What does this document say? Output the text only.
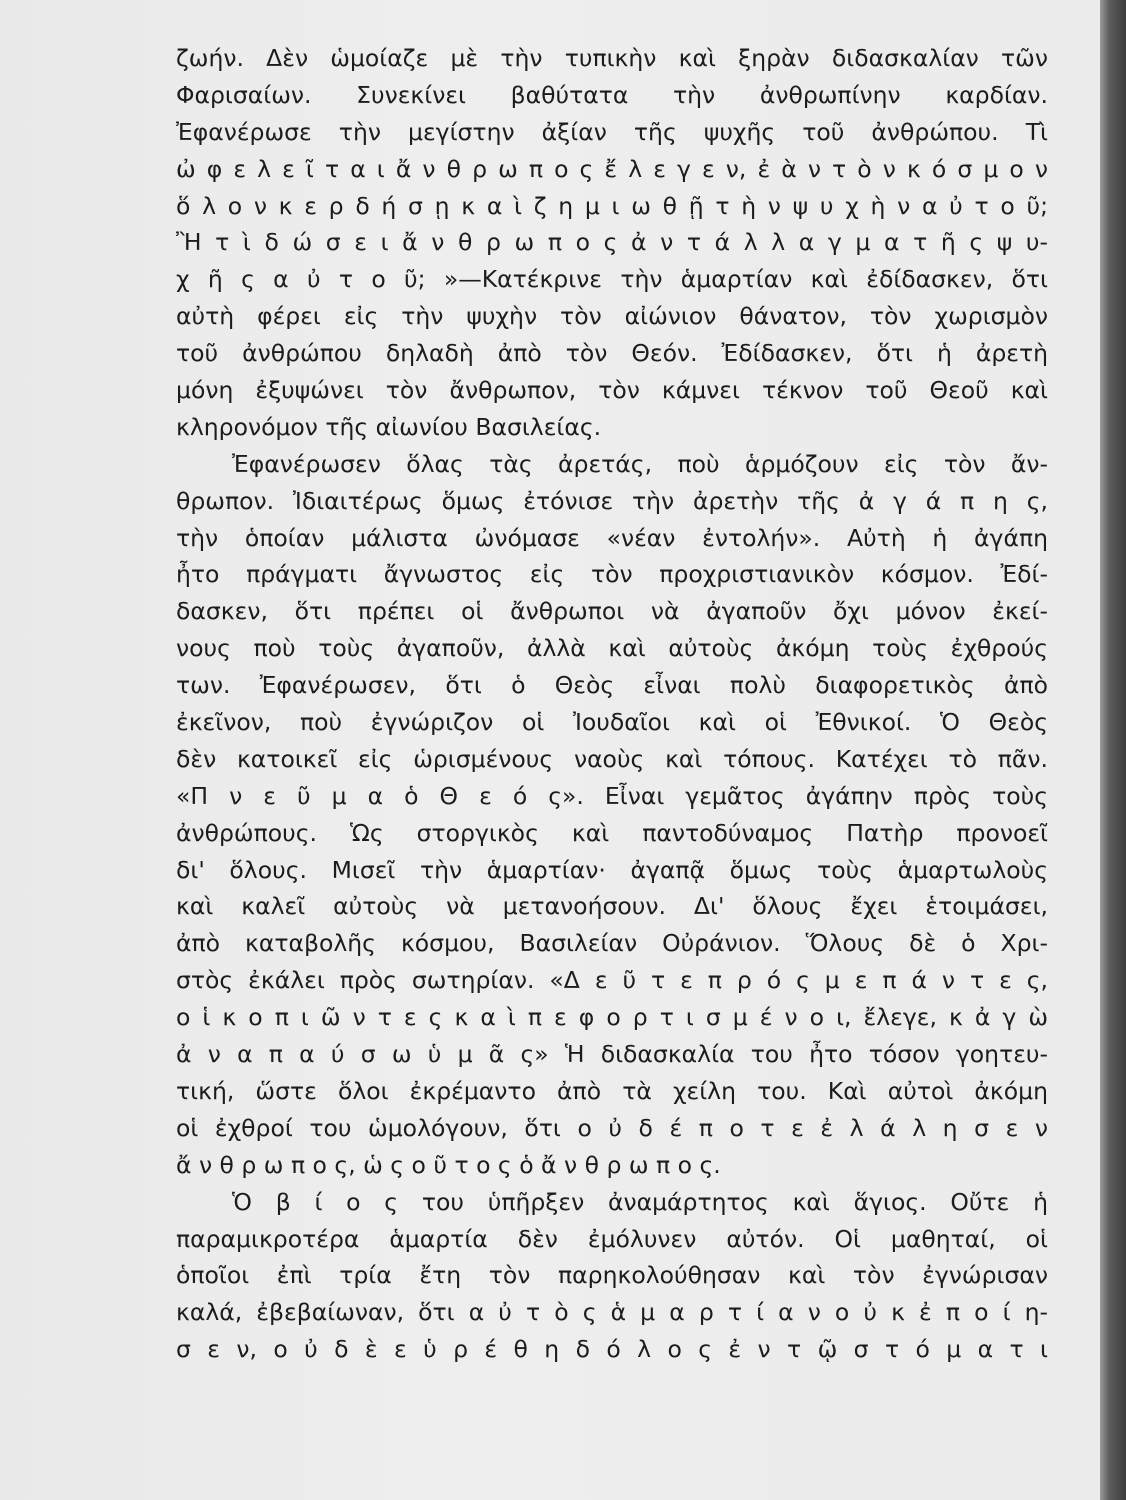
ζωήν. Δὲν ὡμοίαζε μὲ τὴν τυπικὴν καὶ ξηρὰν διδασκαλίαν τῶν
Φαρισαίων. Συνεκίνει βαθύτατα τὴν ἀνθρωπίνην καρδίαν.
Ἐφανέρωσε τὴν μεγίστην ἀξίαν τῆς ψυχῆς τοῦ ἀνθρώπου. Τὶ
ὠ φ ε λ ε ῖ τ α ι ἄ ν θ ρ ω π ο ς ἔ λ ε γ ε ν, ἐ ὰ ν τ ὸ ν κ ό σ μ ο ν
ὅ λ ο ν κ ε ρ δ ή σ ῃ κ α ὶ ζ η μ ι ω θ ῇ τ ὴ ν ψ υ χ ὴ ν α ὐ τ ο ῦ;
Ἢ τ ὶ δ ώ σ ε ι ἄ ν θ ρ ω π ο ς ἀ ν τ ά λ λ α γ μ α τ ῆ ς ψ υ-
χ ῆ ς α ὐ τ ο ῦ; »—Κατέκρινε τὴν ἁμαρτίαν καὶ ἐδίδασκεν, ὅτι
αὐτὴ φέρει εἰς τὴν ψυχὴν τὸν αἰώνιον θάνατον, τὸν χωρισμὸν
τοῦ ἀνθρώπου δηλαδὴ ἀπὸ τὸν Θεόν. Ἐδίδασκεν, ὅτι ἡ ἀρετὴ
μόνη ἐξυψώνει τὸν ἄνθρωπον, τὸν κάμνει τέκνον τοῦ Θεοῦ καὶ
κληρονόμον τῆς αἰωνίου Βασιλείας.
Ἐφανέρωσεν ὅλας τὰς ἀρετάς, ποὺ ἁρμόζουν εἰς τὸν ἄν-
θρωπον. Ἰδιαιτέρως ὅμως ἐτόνισε τὴν ἀρετὴν τῆς ἀ γ ά π η ς,
τὴν ὁποίαν μάλιστα ὠνόμασε «νέαν ἐντολήν». Αὐτὴ ἡ ἀγάπη
ἦτο πράγματι ἄγνωστος εἰς τὸν προχριστιανικὸν κόσμον. Ἐδί-
δασκεν, ὅτι πρέπει οἱ ἄνθρωποι νὰ ἀγαποῦν ὄχι μόνον ἐκεί-
νους ποὺ τοὺς ἀγαποῦν, ἀλλὰ καὶ αὐτοὺς ἀκόμη τοὺς ἐχθρούς
των. Ἐφανέρωσεν, ὅτι ὁ Θεὸς εἶναι πολὺ διαφορετικὸς ἀπὸ
ἐκεῖνον, ποὺ ἐγνώριζον οἱ Ἰουδαῖοι καὶ οἱ Ἐθνικοί. Ὁ Θεὸς
δὲν κατοικεῖ εἰς ὡρισμένους ναοὺς καὶ τόπους. Κατέχει τὸ πᾶν.
«Π ν ε ῦ μ α ὁ Θ ε ό ς». Εἶναι γεμᾶτος ἀγάπην πρὸς τοὺς
ἀνθρώπους. Ὡς στοργικὸς καὶ παντοδύναμος Πατὴρ προνοεῖ
δι' ὅλους. Μισεῖ τὴν ἁμαρτίαν· ἀγαπᾷ ὅμως τοὺς ἁμαρτωλοὺς
καὶ καλεῖ αὐτοὺς νὰ μετανοήσουν. Δι' ὅλους ἔχει ἑτοιμάσει,
ἀπὸ καταβολῆς κόσμου, Βασιλείαν Οὐράνιον. Ὅλους δὲ ὁ Χρι-
στὸς ἐκάλει πρὸς σωτηρίαν. «Δ ε ῦ τ ε π ρ ό ς μ ε π ά ν τ ε ς,
ο ἱ κ ο π ι ῶ ν τ ε ς κ α ὶ π ε φ ο ρ τ ι σ μ έ ν ο ι, ἔλεγε, κ ἀ γ ὼ
ἀ ν α π α ύ σ ω ὑ μ ᾶ ς» Ἡ διδασκαλία του ἦτο τόσον γοητευ-
τική, ὥστε ὅλοι ἐκρέμαντο ἀπὸ τὰ χείλη του. Καὶ αὐτοὶ ἀκόμη
οἱ ἐχθροί του ὡμολόγουν, ὅτι ο ὐ δ έ π ο τ ε ἐ λ ά λ η σ ε ν
ἄ ν θ ρ ω π ο ς, ὡ ς ο ῦ τ ο ς ὁ ἄ ν θ ρ ω π ο ς.
Ὁ β ί ο ς του ὑπῆρξεν ἀναμάρτητος καὶ ἅγιος. Οὔτε ἡ
παραμικροτέρα ἁμαρτία δὲν ἐμόλυνεν αὐτόν. Οἱ μαθηταί, οἱ
ὁποῖοι ἐπὶ τρία ἔτη τὸν παρηκολούθησαν καὶ τὸν ἐγνώρισαν
καλά, ἐβεβαίωναν, ὅτι α ὐ τ ὸ ς ἁ μ α ρ τ ί α ν ο ὐ κ ἐ π ο ί η-
σ ε ν, ο ὐ δ ὲ ε ὑ ρ έ θ η δ ό λ ο ς ἐ ν τ ῷ σ τ ό μ α τ ι
